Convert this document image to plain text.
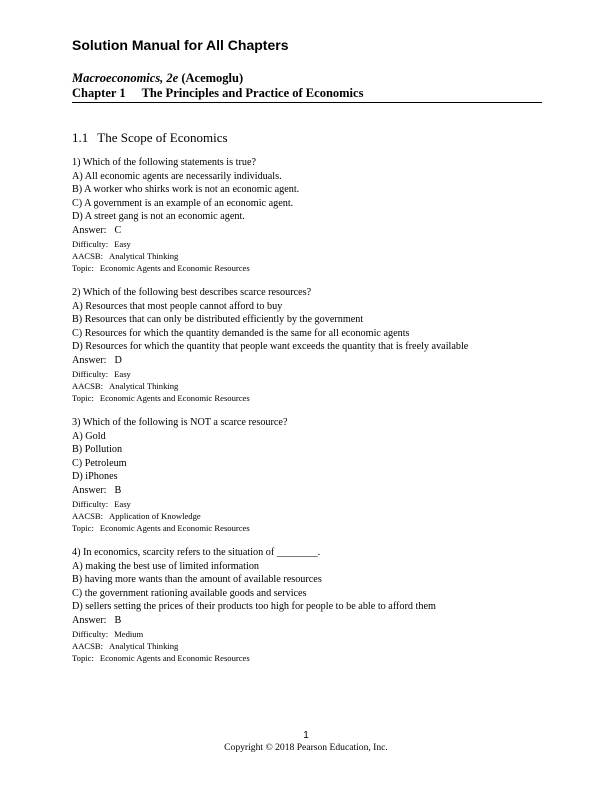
Solution Manual for All Chapters
Macroeconomics, 2e (Acemoglu)
Chapter 1 The Principles and Practice of Economics
1.1 The Scope of Economics
1) Which of the following statements is true?
A) All economic agents are necessarily individuals.
B) A worker who shirks work is not an economic agent.
C) A government is an example of an economic agent.
D) A street gang is not an economic agent.
Answer: C
Difficulty: Easy
AACSB: Analytical Thinking
Topic: Economic Agents and Economic Resources
2) Which of the following best describes scarce resources?
A) Resources that most people cannot afford to buy
B) Resources that can only be distributed efficiently by the government
C) Resources for which the quantity demanded is the same for all economic agents
D) Resources for which the quantity that people want exceeds the quantity that is freely available
Answer: D
Difficulty: Easy
AACSB: Analytical Thinking
Topic: Economic Agents and Economic Resources
3) Which of the following is NOT a scarce resource?
A) Gold
B) Pollution
C) Petroleum
D) iPhones
Answer: B
Difficulty: Easy
AACSB: Application of Knowledge
Topic: Economic Agents and Economic Resources
4) In economics, scarcity refers to the situation of ________.
A) making the best use of limited information
B) having more wants than the amount of available resources
C) the government rationing available goods and services
D) sellers setting the prices of their products too high for people to be able to afford them
Answer: B
Difficulty: Medium
AACSB: Analytical Thinking
Topic: Economic Agents and Economic Resources
1
Copyright © 2018 Pearson Education, Inc.
